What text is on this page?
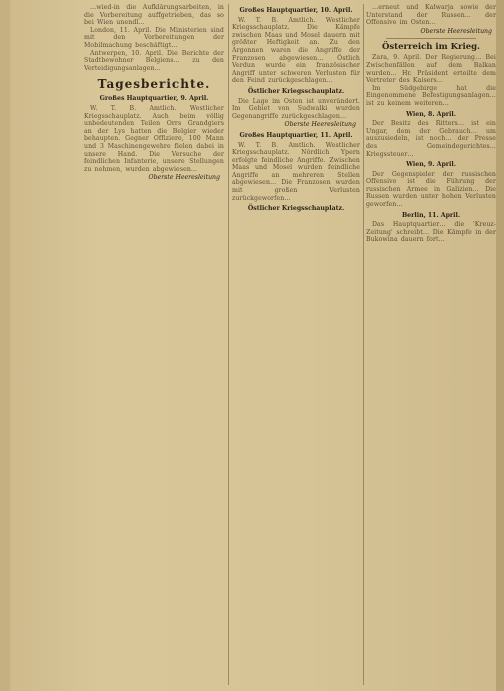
...wied-in die Aufklärungsarbeiten, in die Vorbereitung auffgetrieben, das so bei Wien unendl…

London, 11. April. Die Ministerien sind mit den Vorbereitungen der Mobilmachung beschäftigt…

Antwerpen, 10. April. Die Berichte der Stadtbewohner Belgiens… zu den Verteidigungsanlagen…

Tagesberichte.
Großes Hauptquartier, 9. April.

W. T. B. Amtlich. Westlicher Kriegsschauplatz. Auch beim völlig unbedeutenden Teilen Orrs Grandgiers an der Lys hatten die Belgier wieder behaupten. Gegner Offiziere, 100 Mann und 3 Maschinengewehre fielen dabei in unsere Hand. Die Versuche der feindlichen Infanterie, unsere Stellungen zu nehmen, wurden abgewiesen…

Oberste Heeresleitung
Großes Hauptquartier, 10. April.

W. T. B. Amtlich. Westlicher Kriegsschauplatz. Die Kämpfe zwischen Maas und Mosel dauern mit größter Heftigkeit an. Zu den Argonnen waren die Angriffe der Franzosen abgewiesen… Östlich Verdun wurde ein französischer Angriff unter schweren Verlusten für den Feind zurückgeschlagen…

Östlicher Kriegsschauplatz.

Die Lage im Osten ist unverändert. Im Gebiet von Sudwalki wurden Gegenangriffe zurückgeschlagen…

Oberste Heeresleitung
Großes Hauptquartier, 11. April.

W. T. B. Amtlich. Westlicher Kriegsschauplatz. Nördlich Ypern erfolgte feindliche Angriffe. Zwischen Maas und Mosel wurden feindliche Angriffe an mehreren Stellen abgewiesen… Die Franzosen wurden mit großen Verlusten zurückgeworfen…

Östlicher Kriegsschauplatz.

…erneut und Kalwarja sowie der Unterstand der Russen… der Offensive im Osten…

Oberste Heeresleitung
Österreich im Krieg.

Zara, 9. April. Der Regierung… Bei Zwischenfällen auf dem Balkan wurden… Hr. Präsident erteilte dem Vertreter des Kaisers…

Im Südgebirge hat die Eingenommene Befestigungsanlagen… ist zu keinem weiteren…

Wien, 8. April.

Der Besitz des Ritters… ist ein Ungar, dem der Gebrauch… um auszusiedeln, ist noch… der Presse des Gemeindegerichtes… Kriegssteuer…

Wien, 9. April.

Der Gegenspieler der russischen Offensive ist die Führung der russischen Armee in Galizien… Die Russen wurden unter hohen Verlusten geworfen…

Berlin, 11. April.

Das Hauptquartier… die 'Kreuz-Zeitung' schreibt… Die Kämpfe in der Bukowina dauern fort…
